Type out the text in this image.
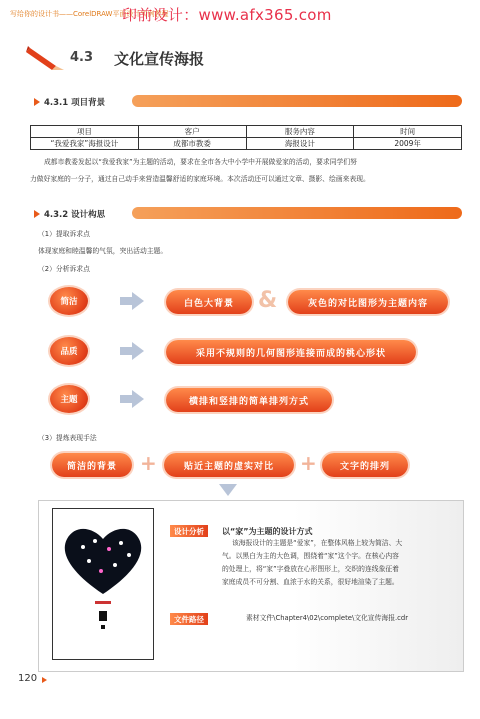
写给你的设计书——CorelDRAW平面设计实例教程
印前设计：www.afx365.com
4.3 文化宣传海报
4.3.1 项目背景
项目	客户	服务内容	时间
“我爱我家”海报设计	成都市教委	海报设计	2009年
成都市教委发起以“我爱我家”为主题的活动，要求在全市各大中小学中开展做爱家的活动，要求同学们努
力做好家庭的一分子，通过自己动手来营造温馨舒适的家庭环境。本次活动还可以通过文章、摄影、绘画来表现。
4.3.2 设计构思
（1）提取诉求点
体现家庭和睦温馨的气氛，突出活动主题。
（2）分析诉求点
简洁	白色大背景	&	灰色的对比图形为主题内容
品质	采用不规则的几何图形连接而成的桃心形状
主题	横排和竖排的简单排列方式
（3）提炼表现手法
简洁的背景	+	贴近主题的虚实对比	+	文字的排列
设计分析	以“家”为主题的设计方式
该海报设计的主题是“爱家”，在整体风格上较为简洁、大
气。以黑白为主的大色调，围绕着“家”这个字。在核心内容
的处理上，将“家”字叠放在心形图形上，交织的连线象征着
家庭成员不可分割、血浓于水的关系，很好地渲染了主题。
文件路径	素材文件\Chapter4\02\complete\文化宣传海报.cdr
120
